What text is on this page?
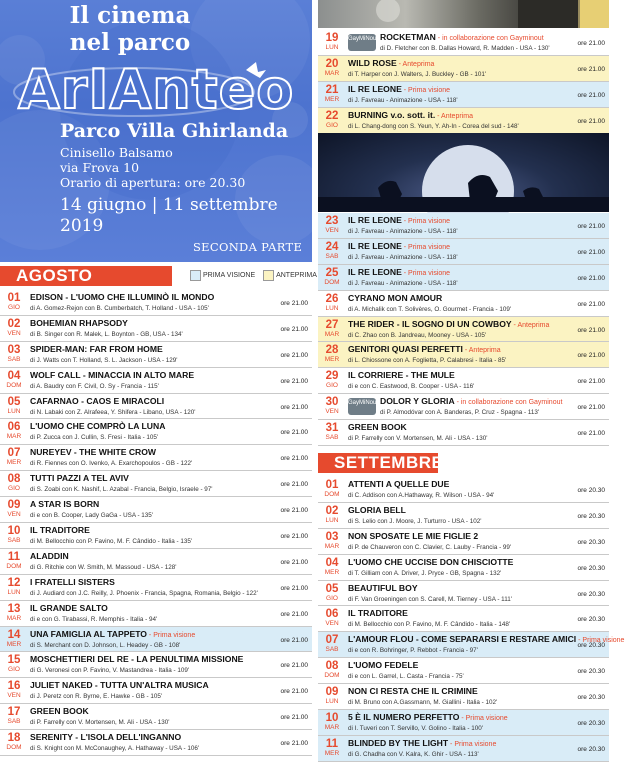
Il cinema
nel parco
ArIAnteo
Parco Villa Ghirlanda
Cinisello Balsamo
via Frova 10
Orario di apertura: ore 20.30
14 giugno | 11 settembre
2019
SECONDA PARTE
AGOSTO	PRIMA VISIONE	ANTEPRIMA
01
GIO
EDISON - L'UOMO CHE ILLUMINÒ IL MONDO
di A. Gomez-Rejon con B. Cumberbatch, T. Holland - USA - 105'
ore 21.00
02
VEN
BOHEMIAN RHAPSODY
di B. Singer con R. Malek, L. Boynton - GB, USA - 134'
ore 21.00
03
SAB
SPIDER-MAN: FAR FROM HOME
di J. Watts con T. Holland, S. L. Jackson - USA - 129'
ore 21.00
04
DOM
WOLF CALL - MINACCIA IN ALTO MARE
di A. Baudry con F. Civil, O. Sy - Francia - 115'
ore 21.00
05
LUN
CAFARNAO - CAOS E MIRACOLI
di N. Labaki con Z. Alrafeea, Y. Shifera - Libano, USA - 120'
ore 21.00
06
MAR
L'UOMO CHE COMPRÒ LA LUNA
di P. Zucca con J. Cullin, S. Fresi - Italia - 105'
ore 21.00
07
MER
NUREYEV - THE WHITE CROW
di R. Fiennes con O. Ivenko, A. Exarchopoulos - GB - 122'
ore 21.00
08
GIO
TUTTI PAZZI A TEL AVIV
di S. Zoabi con K. Nashif, L. Azabal - Francia, Belgio, Israele - 97'
ore 21.00
09
VEN
A STAR IS BORN
di e con B. Cooper, Lady GaGa - USA - 135'
ore 21.00
10
SAB
IL TRADITORE
di M. Bellocchio con P. Favino, M. F. Cândido - Italia - 135'
ore 21.00
11
DOM
ALADDIN
di G. Ritchie con W. Smith, M. Massoud - USA - 128'
ore 21.00
12
LUN
I FRATELLI SISTERS
di J. Audiard con J.C. Reilly, J. Phoenix - Francia, Spagna, Romania, Belgio - 122'
ore 21.00
13
MAR
IL GRANDE SALTO
di e con G. Tirabassi, R. Memphis - Italia - 94'
ore 21.00
14
MER
UNA FAMIGLIA AL TAPPETO - Prima visione
di S. Merchant con D. Johnson, L. Headey - GB - 108'
ore 21.00
15
GIO
MOSCHETTIERI DEL RE - LA PENULTIMA MISSIONE
di G. Veronesi con P. Favino, V. Mastandrea - Italia - 109'
ore 21.00
16
VEN
JULIET NAKED - TUTTA UN'ALTRA MUSICA
di J. Peretz con R. Byrne, E. Hawke - GB - 105'
ore 21.00
17
SAB
GREEN BOOK
di P. Farrelly con V. Mortensen, M. Ali - USA - 130'
ore 21.00
18
DOM
SERENITY - L'ISOLA DELL'INGANNO
di S. Knight con M. McConaughey, A. Hathaway - USA - 106'
ore 21.00
19
LUN
GayMiNout ROCKETMAN - in collaborazione con Gayminout
di D. Fletcher con B. Dallas Howard, R. Madden - USA - 130'
ore 21.00
20
MAR
WILD ROSE - Anteprima
di T. Harper con J. Walters, J. Buckley - GB - 101'
ore 21.00
21
MER
IL RE LEONE - Prima visione
di J. Favreau - Animazione - USA - 118'
ore 21.00
22
GIO
BURNING v.o. sott. it. - Anteprima
di L. Chang-dong con S. Yeun, Y. Ah-In - Corea del sud - 148'
ore 21.00
23
VEN
IL RE LEONE - Prima visione
di J. Favreau - Animazione - USA - 118'
ore 21.00
24
SAB
IL RE LEONE - Prima visione
di J. Favreau - Animazione - USA - 118'
ore 21.00
25
DOM
IL RE LEONE - Prima visione
di J. Favreau - Animazione - USA - 118'
ore 21.00
26
LUN
CYRANO MON AMOUR
di A. Michalik con T. Solivères, O. Gourmet - Francia - 109'
ore 21.00
27
MAR
THE RIDER - IL SOGNO DI UN COWBOY - Anteprima
di C. Zhao con B. Jandreau, Mooney - USA - 105'
ore 21.00
28
MER
GENITORI QUASI PERFETTI - Anteprima
di L. Chiossone con A. Foglietta, P. Calabresi - Italia - 85'
ore 21.00
29
GIO
IL CORRIERE - THE MULE
di e con C. Eastwood, B. Cooper - USA - 116'
ore 21.00
30
VEN
GayMiNout DOLOR Y GLORIA - in collaborazione con Gayminout
di P. Almodóvar con A. Banderas, P. Cruz - Spagna - 113'
ore 21.00
31
SAB
GREEN BOOK
di P. Farrelly con V. Mortensen, M. Ali - USA - 130'
ore 21.00
SETTEMBRE
01
DOM
ATTENTI A QUELLE DUE
di C. Addison con A.Hathaway, R. Wilson - USA - 94'
ore 20.30
02
LUN
GLORIA BELL
di S. Lelio con J. Moore, J. Turturro - USA - 102'
ore 20.30
03
MAR
NON SPOSATE LE MIE FIGLIE 2
di P. de Chauveron con C. Clavier, C. Lauby - Francia - 99'
ore 20.30
04
MER
L'UOMO CHE UCCISE DON CHISCIOTTE
di T. Gilliam con A. Driver, J. Pryce - GB, Spagna - 132'
ore 20.30
05
GIO
BEAUTIFUL BOY
di F. Van Groeningen con S. Carell, M. Tierney - USA - 111'
ore 20.30
06
VEN
IL TRADITORE
di M. Bellocchio con P. Favino, M. F. Cândido - Italia - 148'
ore 20.30
07
SAB
L'AMOUR FLOU - COME SEPARARSI E RESTARE AMICI - Prima visione
di e con R. Bohringer, P. Rebbot - Francia - 97'
ore 20.30
08
DOM
L'UOMO FEDELE
di e con L. Garrel, L. Casta - Francia - 75'
ore 20.30
09
LUN
NON CI RESTA CHE IL CRIMINE
di M. Bruno con A.Gassmann, M. Giallini - Italia - 102'
ore 20.30
10
MAR
5 È IL NUMERO PERFETTO - Prima visione
di I. Tuveri con T. Servillo, V. Golino - Italia - 100'
ore 20.30
11
MER
BLINDED BY THE LIGHT - Prima visione
di G. Chadha con V. Kalra, K. Ghir - USA - 113'
ore 20.30
